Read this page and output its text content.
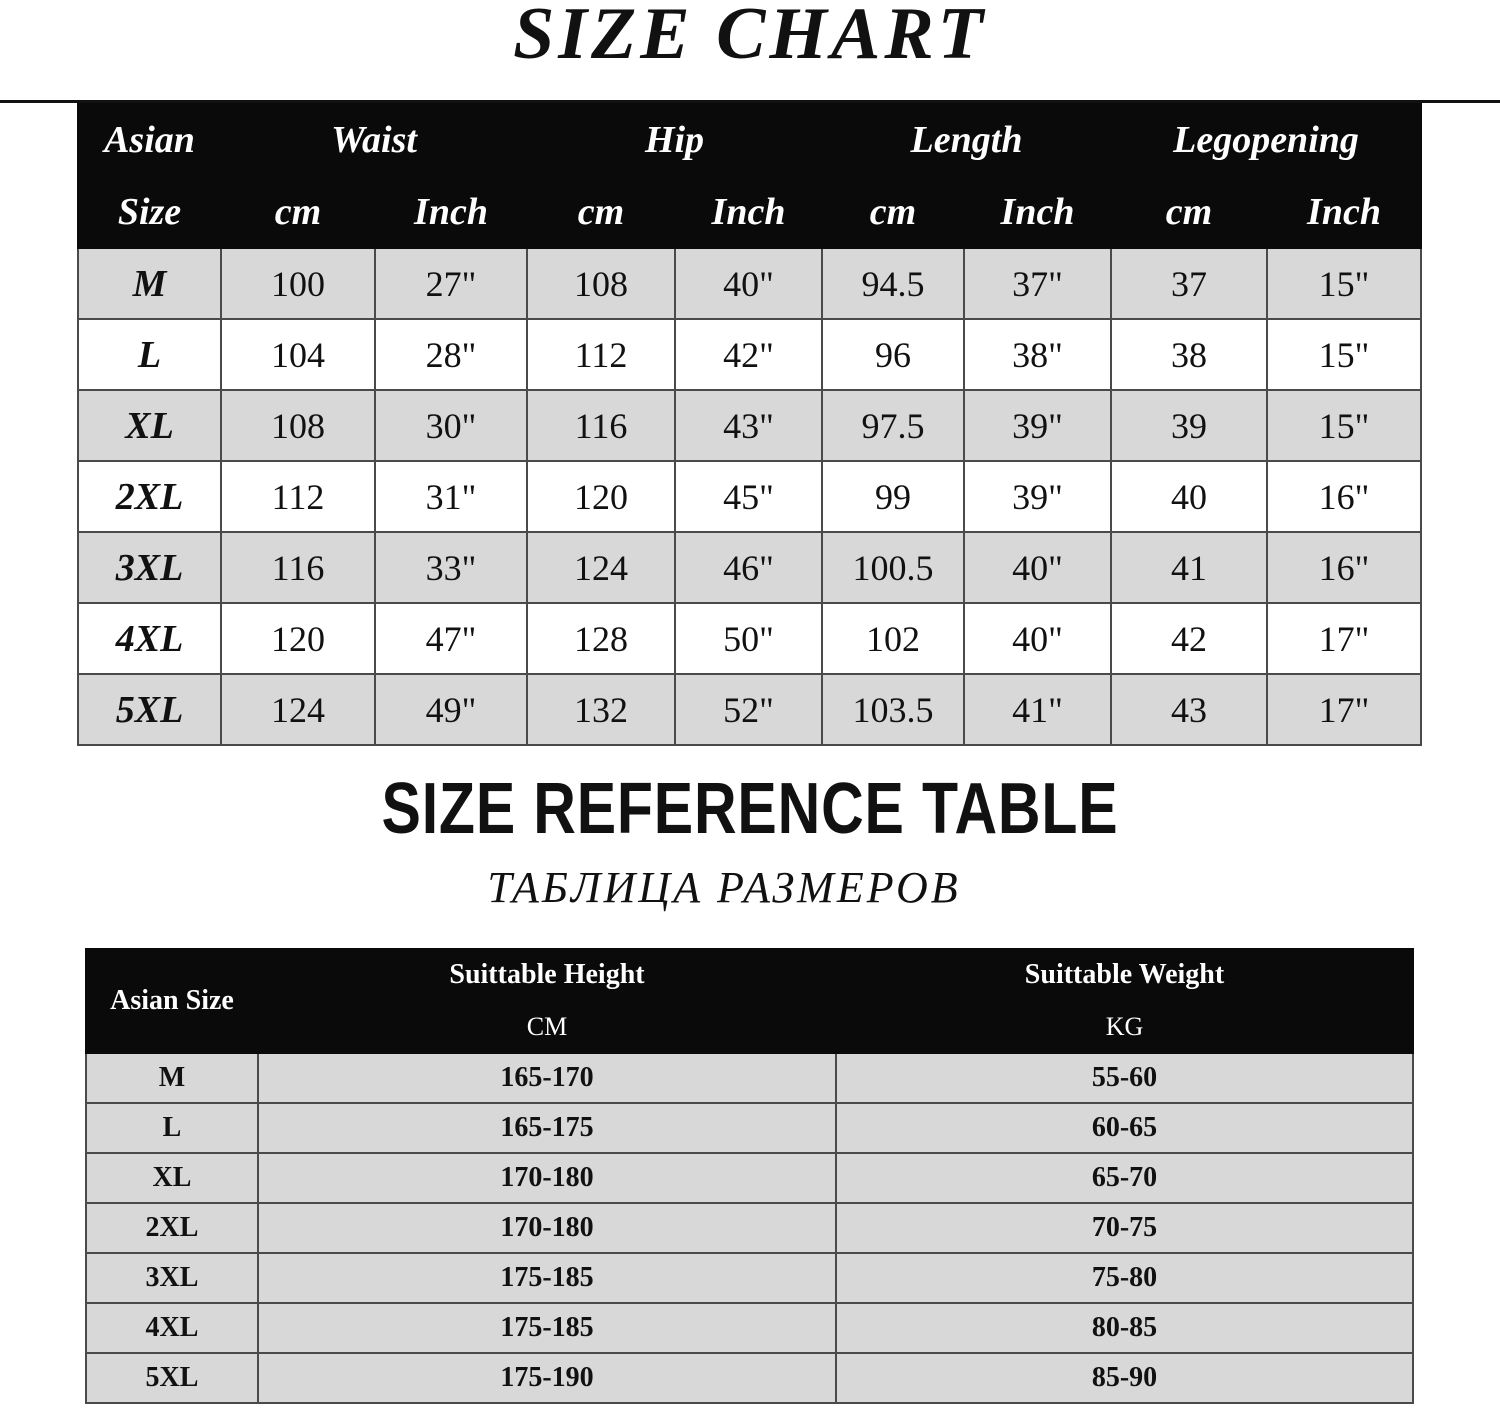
SIZE CHART
Asian	Waist		Hip		Length		Legopening	
Size	cm	Inch	cm	Inch	cm	Inch	cm	Inch
M	100	27"	108	40"	94.5	37"	37	15"
L	104	28"	112	42"	96	38"	38	15"
XL	108	30"	116	43"	97.5	39"	39	15"
2XL	112	31"	120	45"	99	39"	40	16"
3XL	116	33"	124	46"	100.5	40"	41	16"
4XL	120	47"	128	50"	102	40"	42	17"
5XL	124	49"	132	52"	103.5	41"	43	17"
SIZE REFERENCE TABLE
ТАБЛИЦА РАЗМЕРОВ
Asian Size	Suittable Height	Suittable Weight
	CM	KG
M	165-170	55-60
L	165-175	60-65
XL	170-180	65-70
2XL	170-180	70-75
3XL	175-185	75-80
4XL	175-185	80-85
5XL	175-190	85-90
